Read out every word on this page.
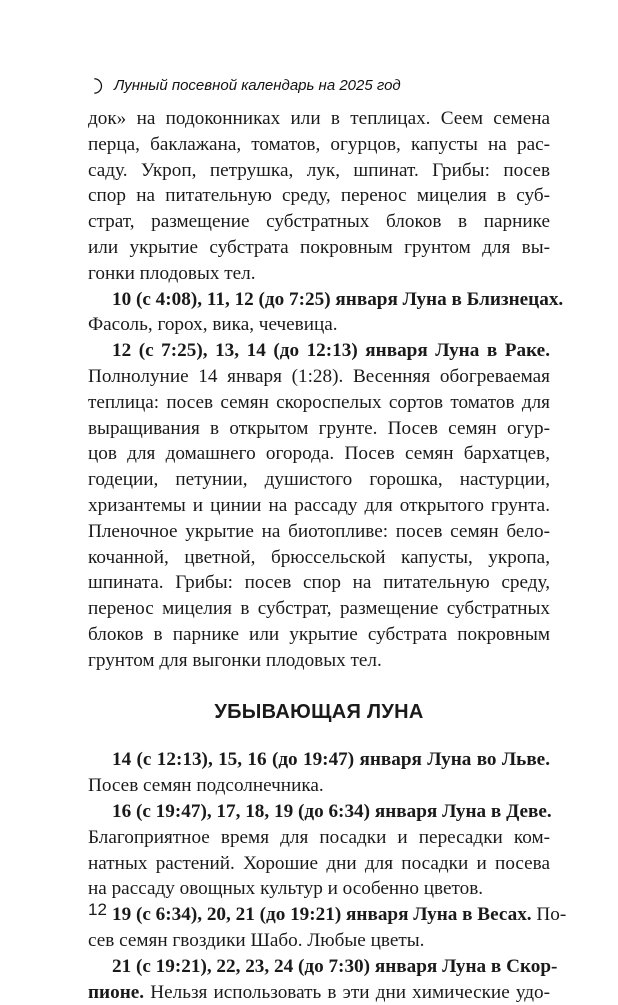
Лунный посевной календарь на 2025 год
док» на подоконниках или в теплицах. Сеем семена
перца, баклажана, томатов, огурцов, капусты на рас-
саду. Укроп, петрушка, лук, шпинат. Грибы: посев
спор на питательную среду, перенос мицелия в суб-
страт, размещение субстратных блоков в парнике
или укрытие субстрата покровным грунтом для вы-
гонки плодовых тел.
10 (с 4:08), 11, 12 (до 7:25) января Луна в Близнецах.
Фасоль, горох, вика, чечевица.
12 (с 7:25), 13, 14 (до 12:13) января Луна в Раке.
Полнолуние 14 января (1:28). Весенняя обогреваемая
теплица: посев семян скороспелых сортов томатов для
выращивания в открытом грунте. Посев семян огур-
цов для домашнего огорода. Посев семян бархатцев,
годеции, петунии, душистого горошка, настурции,
хризантемы и цинии на рассаду для открытого грунта.
Пленочное укрытие на биотопливе: посев семян бело-
кочанной, цветной, брюссельской капусты, укропа,
шпината. Грибы: посев спор на питательную среду,
перенос мицелия в субстрат, размещение субстратных
блоков в парнике или укрытие субстрата покровным
грунтом для выгонки плодовых тел.
УБЫВАЮЩАЯ ЛУНА
14 (с 12:13), 15, 16 (до 19:47) января Луна во Льве.
Посев семян подсолнечника.
16 (с 19:47), 17, 18, 19 (до 6:34) января Луна в Деве.
Благоприятное время для посадки и пересадки ком-
натных растений. Хорошие дни для посадки и посева
на рассаду овощных культур и особенно цветов.
19 (с 6:34), 20, 21 (до 19:21) января Луна в Весах. По-
сев семян гвоздики Шабо. Любые цветы.
21 (с 19:21), 22, 23, 24 (до 7:30) января Луна в Скор-
пионе. Нельзя использовать в эти дни химические удо-
12
